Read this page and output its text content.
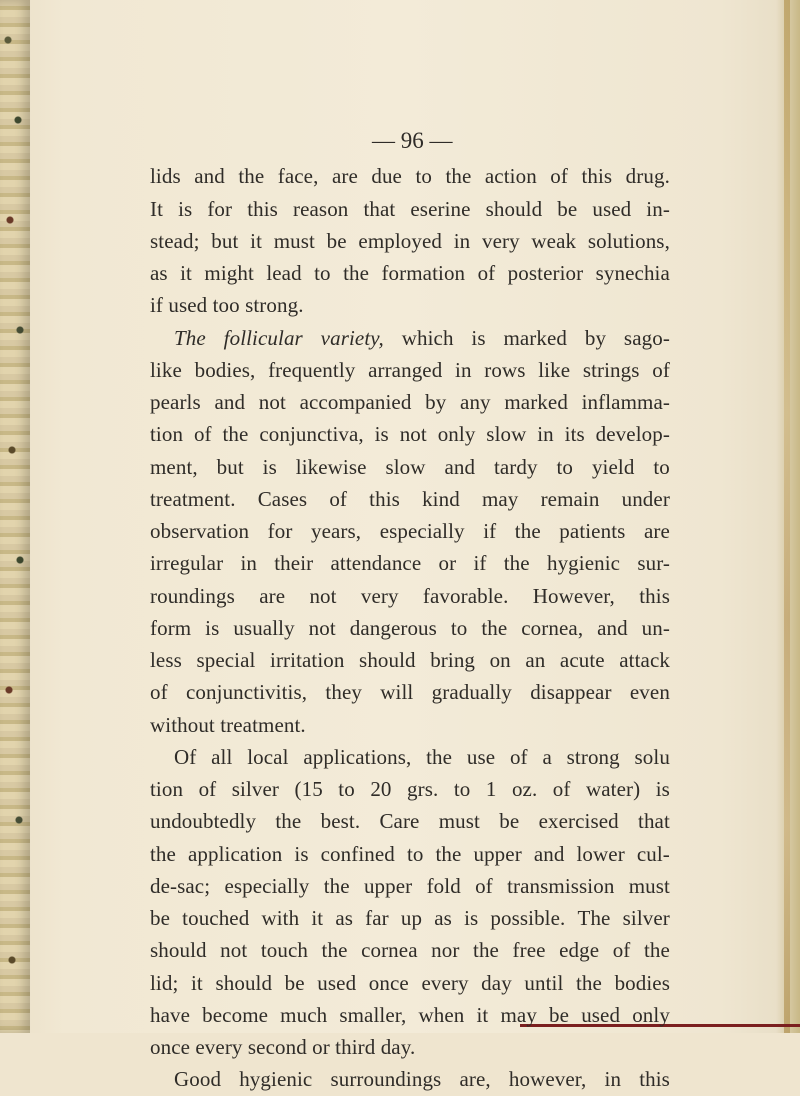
— 96 —
lids and the face, are due to the action of this drug.
It is for this reason that eserine should be used in-
stead; but it must be employed in very weak solutions,
as it might lead to the formation of posterior synechia
if used too strong.
The follicular variety, which is marked by sago-
like bodies, frequently arranged in rows like strings of
pearls and not accompanied by any marked inflamma-
tion of the conjunctiva, is not only slow in its develop-
ment, but is likewise slow and tardy to yield to
treatment. Cases of this kind may remain under
observation for years, especially if the patients are
irregular in their attendance or if the hygienic sur-
roundings are not very favorable. However, this
form is usually not dangerous to the cornea, and un-
less special irritation should bring on an acute attack
of conjunctivitis, they will gradually disappear even
without treatment.
Of all local applications, the use of a strong solu
tion of silver (15 to 20 grs. to 1 oz. of water) is
undoubtedly the best. Care must be exercised that
the application is confined to the upper and lower cul-
de-sac; especially the upper fold of transmission must
be touched with it as far up as is possible. The silver
should not touch the cornea nor the free edge of the
lid; it should be used once every day until the bodies
have become much smaller, when it may be used only
once every second or third day.
Good hygienic surroundings are, however, in this
